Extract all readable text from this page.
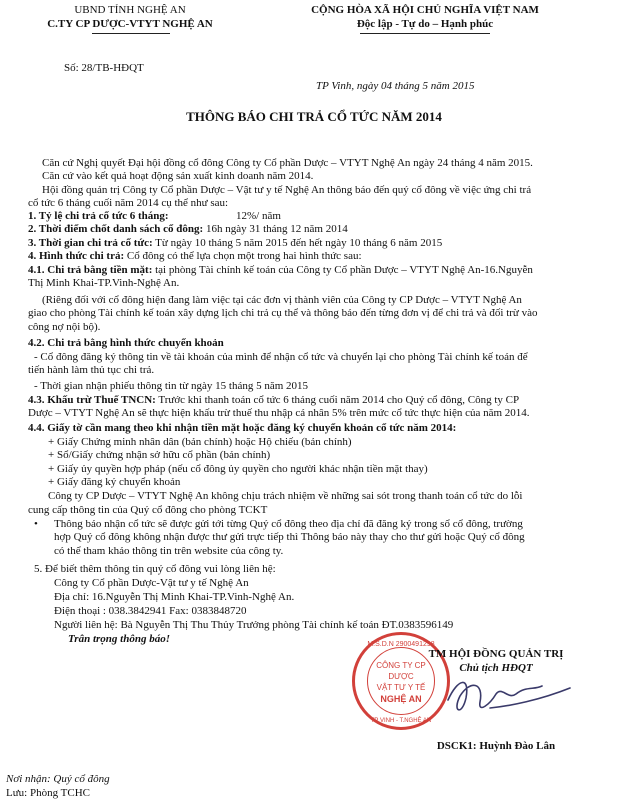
UBND TỈNH NGHỆ AN
C.TY CP DƯỢC-VTYT NGHỆ AN
Số: 28/TB-HĐQT
CỘNG HÒA XÃ HỘI CHỦ NGHĨA VIỆT NAM
Độc lập - Tự do – Hạnh phúc
TP Vinh, ngày 04 tháng 5 năm 2015
THÔNG BÁO CHI TRẢ CỔ TỨC NĂM 2014
Căn cứ Nghị quyết Đại hội đồng cổ đông Công ty Cổ phần Dược – VTYT Nghệ An ngày 24 tháng 4 năm 2015.
Căn cứ vào kết quả hoạt động sản xuất kinh doanh năm 2014.
Hội đồng quản trị Công ty Cổ phần Dược – Vật tư y tế Nghệ An thông báo đến quý cổ đông về việc ứng chi trả
cổ tức 6 tháng cuối năm 2014 cụ thể như sau:
1. Tỷ lệ chi trả cổ tức 6 tháng:	12%/ năm
2. Thời điểm chốt danh sách cổ đông: 16h ngày 31 tháng 12 năm 2014
3. Thời gian chi trả cổ tức: Từ ngày 10 tháng 5 năm 2015 đến hết ngày 10 tháng 6 năm 2015
4. Hình thức chi trả: Cổ đông có thể lựa chọn một trong hai hình thức sau:
4.1. Chi trả bằng tiền mặt: tại phòng Tài chính kế toán của Công ty Cổ phần Dược – VTYT Nghệ An-16.Nguyễn
Thị Minh Khai-TP.Vinh-Nghệ An.
(Riêng đối với cổ đông hiện đang làm việc tại các đơn vị thành viên của Công ty CP Dược – VTYT Nghệ An
giao cho phòng Tài chính kế toán xây dựng lịch chi trả cụ thể và thông báo đến từng đơn vị để chi trả và đối trừ vào
công nợ nội bộ).
4.2. Chi trả bằng hình thức chuyển khoản
- Cổ đông đăng ký thông tin về tài khoản của mình để nhận cổ tức và chuyển lại cho phòng Tài chính kế toán để
tiến hành làm thủ tục chi trả.
- Thời gian nhận phiếu thông tin từ ngày 15 tháng 5 năm 2015
4.3. Khấu trừ Thuế TNCN: Trước khi thanh toán cổ tức 6 tháng cuối năm 2014 cho Quý cổ đông, Công ty CP
Dược – VTYT Nghệ An sẽ thực hiện khấu trừ thuế thu nhập cá nhân 5% trên mức cổ tức thực hiện của năm 2014.
4.4. Giấy tờ cần mang theo khi nhận tiền mặt hoặc đăng ký chuyển khoản cổ tức năm 2014:
+ Giấy Chứng minh nhân dân (bản chính) hoặc Hộ chiếu (bản chính)
+ Sổ/Giấy chứng nhận sở hữu cổ phần (bản chính)
+ Giấy ủy quyền hợp pháp (nếu cổ đông ủy quyền cho người khác nhận tiền mặt thay)
+ Giấy đăng ký chuyển khoản
Công ty CP Dược – VTYT Nghệ An không chịu trách nhiệm về những sai sót trong thanh toán cổ tức do lỗi
cung cấp thông tin của Quý cổ đông cho phòng TCKT
• Thông báo nhận cổ tức sẽ được gửi tới từng Quý cổ đông theo địa chỉ đã đăng ký trong sổ cổ đông, trường
hợp Quý cổ đông không nhận được thư gửi trực tiếp thì Thông báo này thay cho thư gửi hoặc Quý cổ đông
có thể tham khảo thông tin trên website của công ty.
5. Để biết thêm thông tin quý cổ đông vui lòng liên hệ:
Công ty Cổ phần Dược-Vật tư y tế Nghệ An
Địa chỉ: 16.Nguyễn Thị Minh Khai-TP.Vinh-Nghệ An.
Điện thoại : 038.3842941 Fax: 0383848720
Người liên hệ: Bà Nguyễn Thị Thu Thủy Trưởng phòng Tài chính kế toán ĐT.0383596149
Trân trọng thông báo!	M.S.D.N 2900491298
CÔNG TY CP
DƯỢC
VẬT TƯ Y TẾ
NGHỆ AN
TP VINH - T.NGHỆ AN
TM HỘI ĐỒNG QUẢN TRỊ
Chủ tịch HĐQT
DSCK1: Huỳnh Đào Lân
Nơi nhận: Quý cổ đông
Lưu: Phòng TCHC
